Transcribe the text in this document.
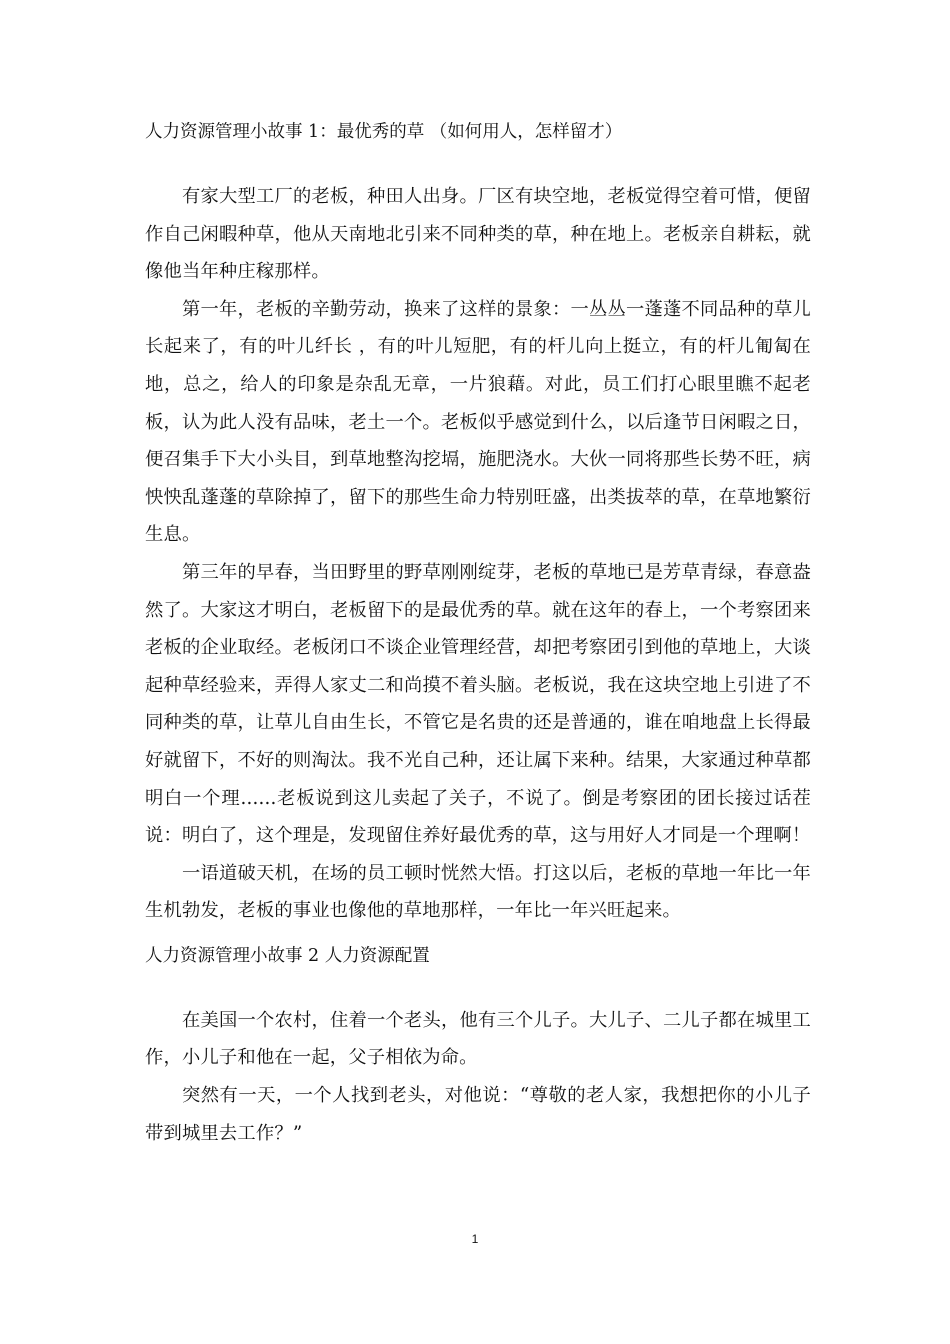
人力资源管理小故事 1：最优秀的草 （如何用人，怎样留才）

有家大型工厂的老板，种田人出身。厂区有块空地，老板觉得空着可惜，便留作自己闲暇种草，他从天南地北引来不同种类的草，种在地上。老板亲自耕耘，就像他当年种庄稼那样。

第一年，老板的辛勤劳动，换来了这样的景象：一丛丛一蓬蓬不同品种的草儿长起来了，有的叶儿纤长 ，有的叶儿短肥，有的杆儿向上挺立，有的杆儿匍匐在地，总之，给人的印象是杂乱无章，一片狼藉。对此，员工们打心眼里瞧不起老板，认为此人没有品味，老土一个。老板似乎感觉到什么，以后逢节日闲暇之日，便召集手下大小头目，到草地整沟挖塥，施肥浇水。大伙一同将那些长势不旺，病怏怏乱蓬蓬的草除掉了，留下的那些生命力特别旺盛，出类拔萃的草，在草地繁衍生息。

第三年的早春，当田野里的野草刚刚绽芽，老板的草地已是芳草青绿，春意盎然了。大家这才明白，老板留下的是最优秀的草。就在这年的春上，一个考察团来老板的企业取经。老板闭口不谈企业管理经营，却把考察团引到他的草地上，大谈起种草经验来，弄得人家丈二和尚摸不着头脑。老板说，我在这块空地上引进了不同种类的草，让草儿自由生长，不管它是名贵的还是普通的，谁在咱地盘上长得最好就留下，不好的则淘汰。我不光自己种，还让属下来种。结果，大家通过种草都明白一个理......老板说到这儿卖起了关子，不说了。倒是考察团的团长接过话茬说：明白了，这个理是，发现留住养好最优秀的草，这与用好人才同是一个理啊！

一语道破天机，在场的员工顿时恍然大悟。打这以后，老板的草地一年比一年生机勃发，老板的事业也像他的草地那样，一年比一年兴旺起来。

人力资源管理小故事 2 人力资源配置

在美国一个农村，住着一个老头，他有三个儿子。大儿子、二儿子都在城里工作，小儿子和他在一起，父子相依为命。

突然有一天，一个人找到老头，对他说：“尊敬的老人家，我想把你的小儿子带到城里去工作？”

1
